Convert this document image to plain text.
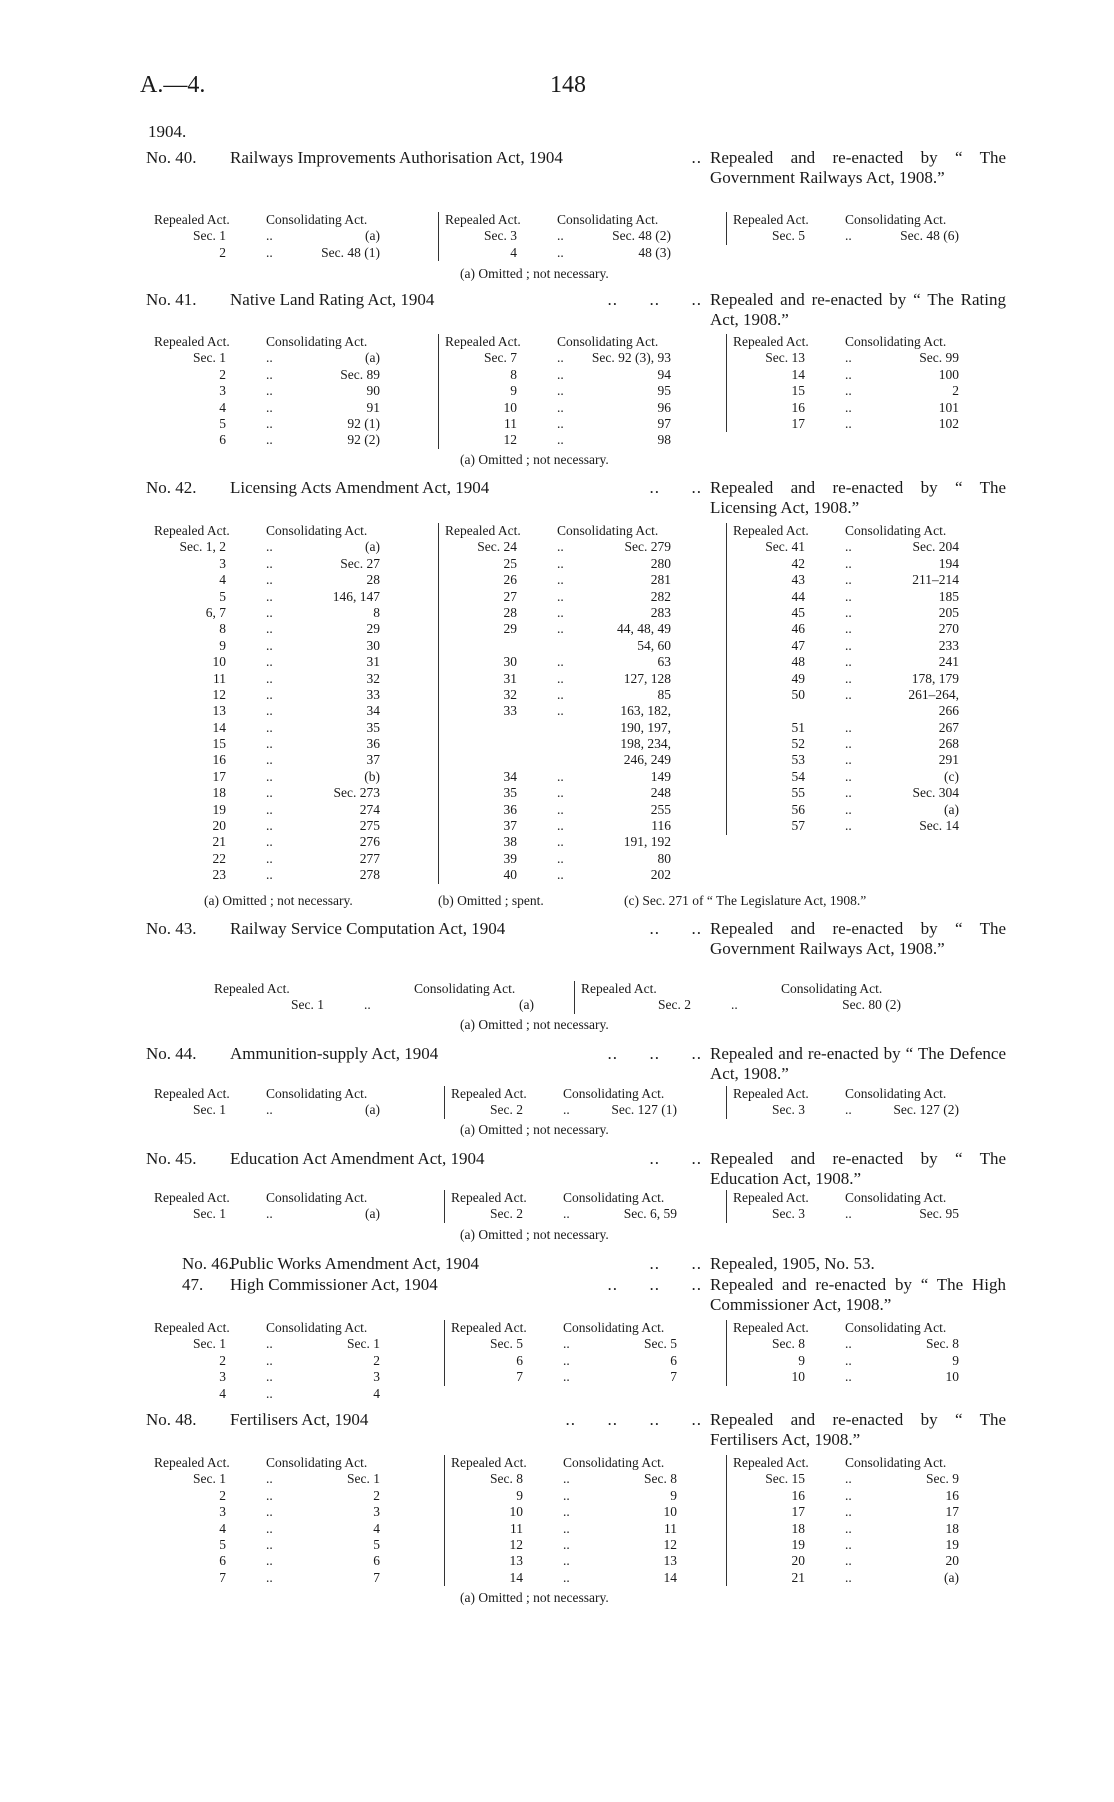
A.—4.	148
1904.
No. 40. Railways Improvements Authorisation Act, 1904	.. Repealed and re-enacted by “ The Government Railways Act, 1908.”
Repealed Act.	Consolidating Act.
Sec. 1	..	(a)
2	..	Sec. 48 (1)
Repealed Act.	Consolidating Act.
Sec. 3	..	Sec. 48 (2)
4	..	48 (3)
Repealed Act.	Consolidating Act.
Sec. 5	..	Sec. 48 (6)
(a) Omitted ; not necessary.
No. 41. Native Land Rating Act, 1904	..      ..      .. Repealed and re-enacted by “ The Rating Act, 1908.”
Repealed Act.	Consolidating Act.
Sec. 1	..	(a)
2	..	Sec. 89
3	..	90
4	..	91
5	..	92 (1)
6	..	92 (2)
Repealed Act.	Consolidating Act.
Sec. 7	..	Sec. 92 (3), 93
8	..	94
9	..	95
10	..	96
11	..	97
12	..	98
Repealed Act.	Consolidating Act.
Sec. 13	..	Sec. 99
14	..	100
15	..	2
16	..	101
17	..	102
(a) Omitted ; not necessary.
No. 42. Licensing Acts Amendment Act, 1904	..      .. Repealed and re-enacted by “ The Licensing Act, 1908.”
Repealed Act.	Consolidating Act.
Sec. 1, 2	..	(a)
3	..	Sec. 27
4	..	28
5	..	146, 147
6, 7	..	8
8	..	29
9	..	30
10	..	31
11	..	32
12	..	33
13	..	34
14	..	35
15	..	36
16	..	37
17	..	(b)
18	..	Sec. 273
19	..	274
20	..	275
21	..	276
22	..	277
23	..	278
Repealed Act.	Consolidating Act.
Sec. 24	..	Sec. 279
25	..	280
26	..	281
27	..	282
28	..	283
29	..	44, 48, 49
54, 60
30	..	63
31	..	127, 128
32	..	85
33	..	163, 182,
190, 197,
198, 234,
246, 249
34	..	149
35	..	248
36	..	255
37	..	116
38	..	191, 192
39	..	80
40	..	202
Repealed Act.	Consolidating Act.
Sec. 41	..	Sec. 204
42	..	194
43	..	211–214
44	..	185
45	..	205
46	..	270
47	..	233
48	..	241
49	..	178, 179
50	..	261–264,
266
51	..	267
52	..	268
53	..	291
54	..	(c)
55	..	Sec. 304
56	..	(a)
57	..	Sec. 14
(a) Omitted ; not necessary.	(b) Omitted ; spent.	(c) Sec. 271 of “ The Legislature Act, 1908.”
No. 43. Railway Service Computation Act, 1904	..      .. Repealed and re-enacted by “ The Government Railways Act, 1908.”
Repealed Act.	Consolidating Act.
Sec. 1	..	(a)
Repealed Act.	Consolidating Act.
Sec. 2	..	Sec. 80 (2)
(a) Omitted ; not necessary.
No. 44. Ammunition-supply Act, 1904	..      ..      .. Repealed and re-enacted by “ The Defence Act, 1908.”
Repealed Act.	Consolidating Act.
Sec. 1	..	(a)
Repealed Act.	Consolidating Act.
Sec. 2	..	Sec. 127 (1)
Repealed Act.	Consolidating Act.
Sec. 3	..	Sec. 127 (2)
(a) Omitted ; not necessary.
No. 45. Education Act Amendment Act, 1904	..      .. Repealed and re-enacted by “ The Education Act, 1908.”
Repealed Act.	Consolidating Act.
Sec. 1	..	(a)
Repealed Act.	Consolidating Act.
Sec. 2	..	Sec. 6, 59
Repealed Act.	Consolidating Act.
Sec. 3	..	Sec. 95
(a) Omitted ; not necessary.
No. 46.
Public Works Amendment Act, 1904	..      .. Repealed, 1905, No. 53.
47. High Commissioner Act, 1904	..      ..      .. Repealed and re-enacted by “ The High Commissioner Act, 1908.”
Repealed Act.	Consolidating Act.
Sec. 1	..	Sec. 1
2	..	2
3	..	3
4	..	4
Repealed Act.	Consolidating Act.
Sec. 5	..	Sec. 5
6	..	6
7	..	7
Repealed Act.	Consolidating Act.
Sec. 8	..	Sec. 8
9	..	9
10	..	10
No. 48. Fertilisers Act, 1904	..      ..      ..      .. Repealed and re-enacted by “ The Fertilisers Act, 1908.”
Repealed Act.	Consolidating Act.
Sec. 1	..	Sec. 1
2	..	2
3	..	3
4	..	4
5	..	5
6	..	6
7	..	7
Repealed Act.	Consolidating Act.
Sec. 8	..	Sec. 8
9	..	9
10	..	10
11	..	11
12	..	12
13	..	13
14	..	14
Repealed Act.	Consolidating Act.
Sec. 15	..	Sec. 9
16	..	16
17	..	17
18	..	18
19	..	19
20	..	20
21	..	(a)
(a) Omitted ; not necessary.
